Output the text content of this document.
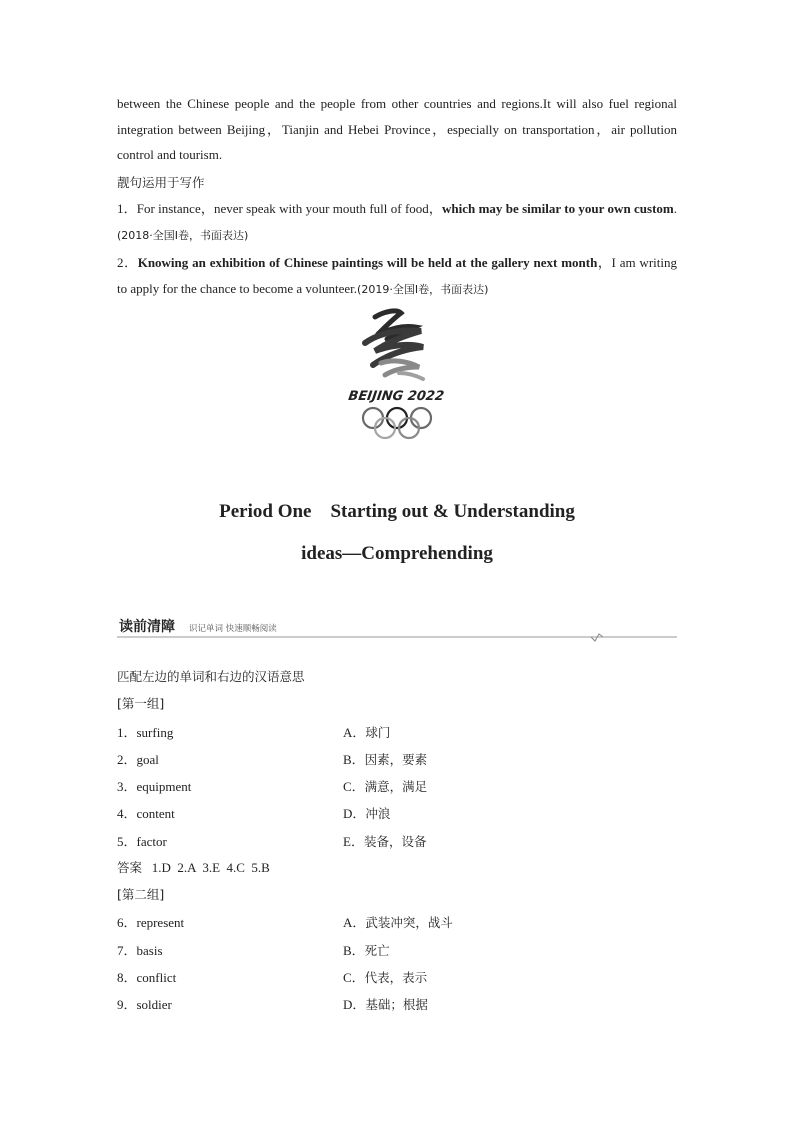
between the Chinese people and the people from other countries and regions.It will also fuel regional integration between Beijing，Tianjin and Hebei Province，especially on transportation，air pollution control and tourism.
靓句运用于写作
1．For instance，never speak with your mouth full of food，which may be similar to your own custom.(2018·全国Ⅰ卷，书面表达)
2．Knowing an exhibition of Chinese paintings will be held at the gallery next month，I am writing to apply for the chance to become a volunteer.(2019·全国Ⅰ卷，书面表达)
BEIJING 2022
Period One    Starting out & Understanding
ideas—Comprehending
读前清障 识记单词 快速顺畅阅读
匹配左边的单词和右边的汉语意思
[第一组]
1．surfing
2．goal
3．equipment
4．content
5．factor
A．球门
B．因素，要素
C．满意，满足
D．冲浪
E．装备，设备
答案 1.D  2.A  3.E  4.C  5.B
[第二组]
6．represent
7．basis
8．conflict
9．soldier
A．武装冲突，战斗
B．死亡
C．代表，表示
D．基础；根据
